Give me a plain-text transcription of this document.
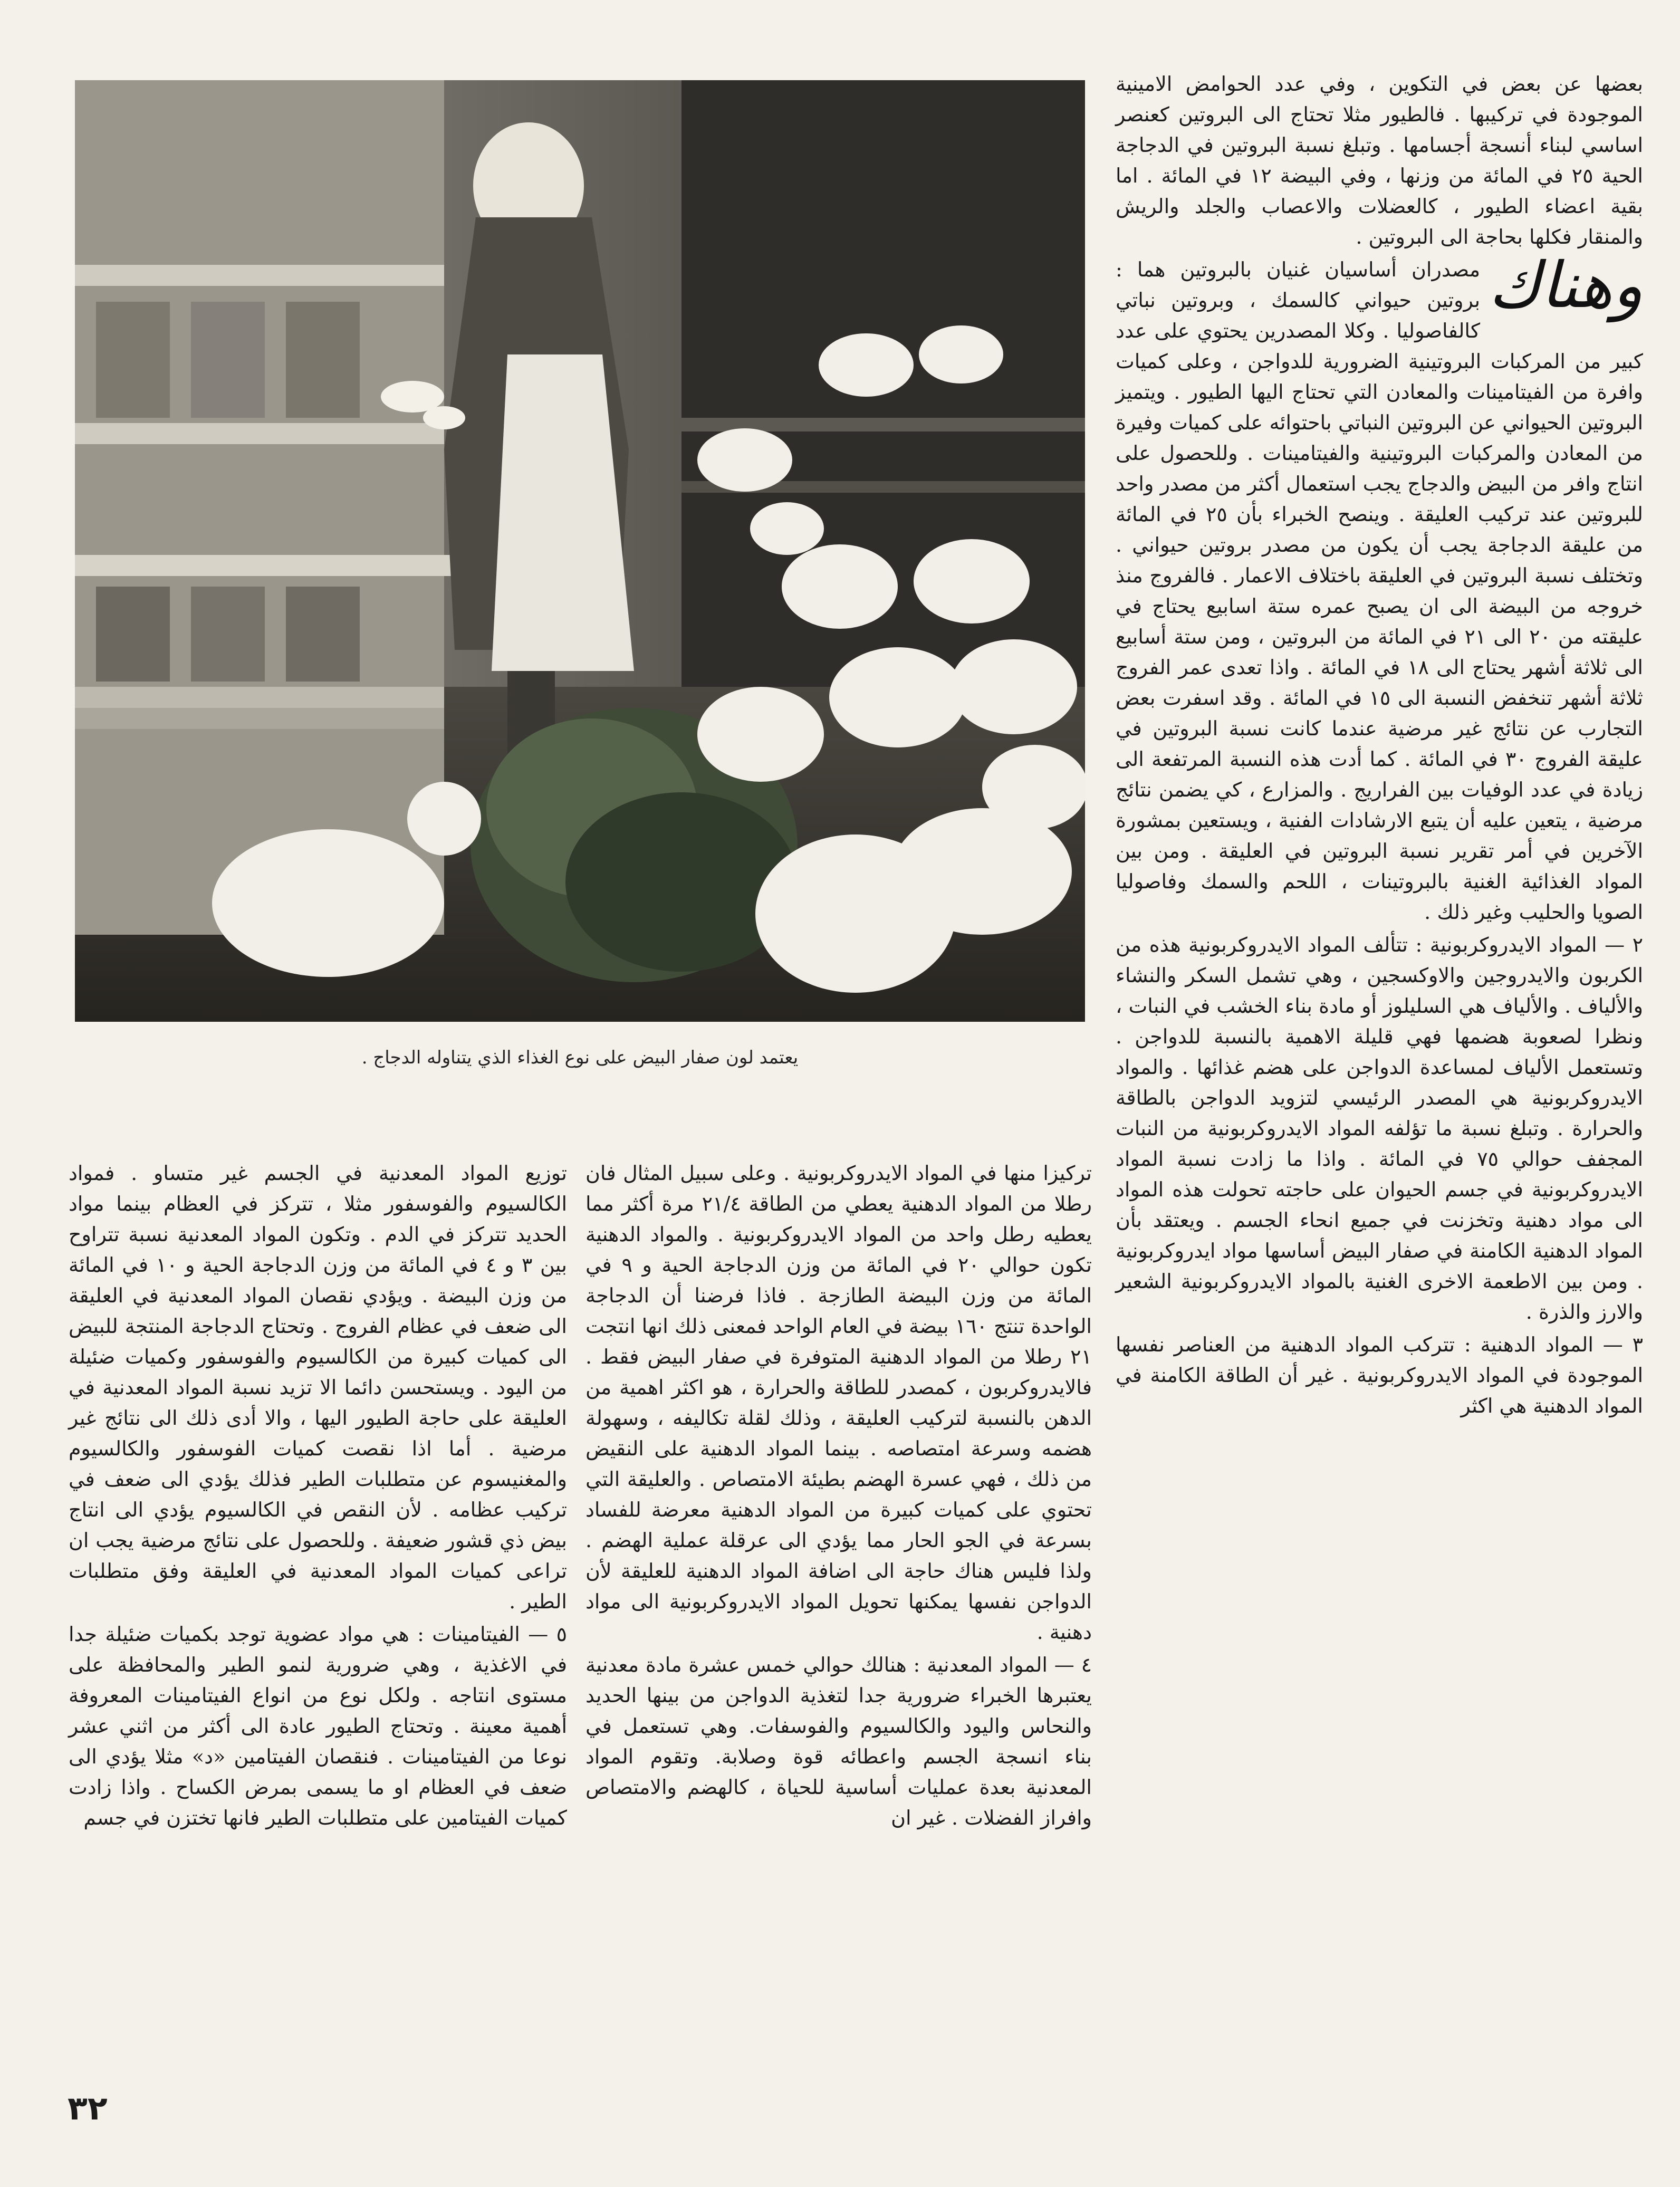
يعتمد لون صفار البيض على نوع الغذاء الذي يتناوله الدجاج .

بعضها عن بعض في التكوين ، وفي عدد الحوامض الامينية الموجودة في تركيبها . فالطيور مثلا تحتاج الى البروتين كعنصر اساسي لبناء أنسجة أجسامها . وتبلغ نسبة البروتين في الدجاجة الحية ٢٥ في المائة من وزنها ، وفي البيضة ١٢ في المائة . اما بقية اعضاء الطيور ، كالعضلات والاعصاب والجلد والريش والمنقار فكلها بحاجة الى البروتين .

وهناك
مصدران أساسيان غنيان بالبروتين هما : بروتين حيواني كالسمك ، وبروتين نباتي كالفاصوليا . وكلا المصدرين يحتوي على عدد كبير من المركبات البروتينية الضرورية للدواجن ، وعلى كميات وافرة من الفيتامينات والمعادن التي تحتاج اليها الطيور . ويتميز البروتين الحيواني عن البروتين النباتي باحتوائه على كميات وفيرة من المعادن والمركبات البروتينية والفيتامينات . وللحصول على انتاج وافر من البيض والدجاج يجب استعمال أكثر من مصدر واحد للبروتين عند تركيب العليقة . وينصح الخبراء بأن ٢٥ في المائة من عليقة الدجاجة يجب أن يكون من مصدر بروتين حيواني . وتختلف نسبة البروتين في العليقة باختلاف الاعمار . فالفروج منذ خروجه من البيضة الى ان يصبح عمره ستة اسابيع يحتاج في عليقته من ٢٠ الى ٢١ في المائة من البروتين ، ومن ستة أسابيع الى ثلاثة أشهر يحتاج الى ١٨ في المائة . واذا تعدى عمر الفروج ثلاثة أشهر تنخفض النسبة الى ١٥ في المائة . وقد اسفرت بعض التجارب عن نتائج غير مرضية عندما كانت نسبة البروتين في عليقة الفروج ٣٠ في المائة . كما أدت هذه النسبة المرتفعة الى زيادة في عدد الوفيات بين الفراريج . والمزارع ، كي يضمن نتائج مرضية ، يتعين عليه أن يتبع الارشادات الفنية ، ويستعين بمشورة الآخرين في أمر تقرير نسبة البروتين في العليقة . ومن بين المواد الغذائية الغنية بالبروتينات ، اللحم والسمك وفاصوليا الصويا والحليب وغير ذلك .

٢ — المواد الايدروكربونية : تتألف المواد الايدروكربونية هذه من الكربون والايدروجين والاوكسجين ، وهي تشمل السكر والنشاء والألياف . والألياف هي السليلوز أو مادة بناء الخشب في النبات ، ونظرا لصعوبة هضمها فهي قليلة الاهمية بالنسبة للدواجن . وتستعمل الألياف لمساعدة الدواجن على هضم غذائها . والمواد الايدروكربونية هي المصدر الرئيسي لتزويد الدواجن بالطاقة والحرارة . وتبلغ نسبة ما تؤلفه المواد الايدروكربونية من النبات المجفف حوالي ٧٥ في المائة . واذا ما زادت نسبة المواد الايدروكربونية في جسم الحيوان على حاجته تحولت هذه المواد الى مواد دهنية وتخزنت في جميع انحاء الجسم . ويعتقد بأن المواد الدهنية الكامنة في صفار البيض أساسها مواد ايدروكربونية . ومن بين الاطعمة الاخرى الغنية بالمواد الايدروكربونية الشعير والارز والذرة .

٣ — المواد الدهنية : تتركب المواد الدهنية من العناصر نفسها الموجودة في المواد الايدروكربونية . غير أن الطاقة الكامنة في المواد الدهنية هي اكثر

تركيزا منها في المواد الايدروكربونية . وعلى سبيل المثال فان رطلا من المواد الدهنية يعطي من الطاقة ٢١/٤ مرة أكثر مما يعطيه رطل واحد من المواد الايدروكربونية . والمواد الدهنية تكون حوالي ٢٠ في المائة من وزن الدجاجة الحية و ٩ في المائة من وزن البيضة الطازجة . فاذا فرضنا أن الدجاجة الواحدة تنتج ١٦٠ بيضة في العام الواحد فمعنى ذلك انها انتجت ٢١ رطلا من المواد الدهنية المتوفرة في صفار البيض فقط . فالايدروكربون ، كمصدر للطاقة والحرارة ، هو اكثر اهمية من الدهن بالنسبة لتركيب العليقة ، وذلك لقلة تكاليفه ، وسهولة هضمه وسرعة امتصاصه . بينما المواد الدهنية على النقيض من ذلك ، فهي عسرة الهضم بطيئة الامتصاص . والعليقة التي تحتوي على كميات كبيرة من المواد الدهنية معرضة للفساد بسرعة في الجو الحار مما يؤدي الى عرقلة عملية الهضم . ولذا فليس هناك حاجة الى اضافة المواد الدهنية للعليقة لأن الدواجن نفسها يمكنها تحويل المواد الايدروكربونية الى مواد دهنية .

٤ — المواد المعدنية : هنالك حوالي خمس عشرة مادة معدنية يعتبرها الخبراء ضرورية جدا لتغذية الدواجن من بينها الحديد والنحاس واليود والكالسيوم والفوسفات. وهي تستعمل في بناء انسجة الجسم واعطائه قوة وصلابة. وتقوم المواد المعدنية بعدة عمليات أساسية للحياة ، كالهضم والامتصاص وافراز الفضلات . غير ان

توزيع المواد المعدنية في الجسم غير متساو . فمواد الكالسيوم والفوسفور مثلا ، تتركز في العظام بينما مواد الحديد تتركز في الدم . وتكون المواد المعدنية نسبة تتراوح بين ٣ و ٤ في المائة من وزن الدجاجة الحية و ١٠ في المائة من وزن البيضة . ويؤدي نقصان المواد المعدنية في العليقة الى ضعف في عظام الفروج . وتحتاج الدجاجة المنتجة للبيض الى كميات كبيرة من الكالسيوم والفوسفور وكميات ضئيلة من اليود . ويستحسن دائما الا تزيد نسبة المواد المعدنية في العليقة على حاجة الطيور اليها ، والا أدى ذلك الى نتائج غير مرضية . أما اذا نقصت كميات الفوسفور والكالسيوم والمغنيسوم عن متطلبات الطير فذلك يؤدي الى ضعف في تركيب عظامه . لأن النقص في الكالسيوم يؤدي الى انتاج بيض ذي قشور ضعيفة . وللحصول على نتائج مرضية يجب ان تراعى كميات المواد المعدنية في العليقة وفق متطلبات الطير .

٥ — الفيتامينات : هي مواد عضوية توجد بكميات ضئيلة جدا في الاغذية ، وهي ضرورية لنمو الطير والمحافظة على مستوى انتاجه . ولكل نوع من انواع الفيتامينات المعروفة أهمية معينة . وتحتاج الطيور عادة الى أكثر من اثني عشر نوعا من الفيتامينات . فنقصان الفيتامين «د» مثلا يؤدي الى ضعف في العظام او ما يسمى بمرض الكساح . واذا زادت كميات الفيتامين على متطلبات الطير فانها تختزن في جسم

٣٢
